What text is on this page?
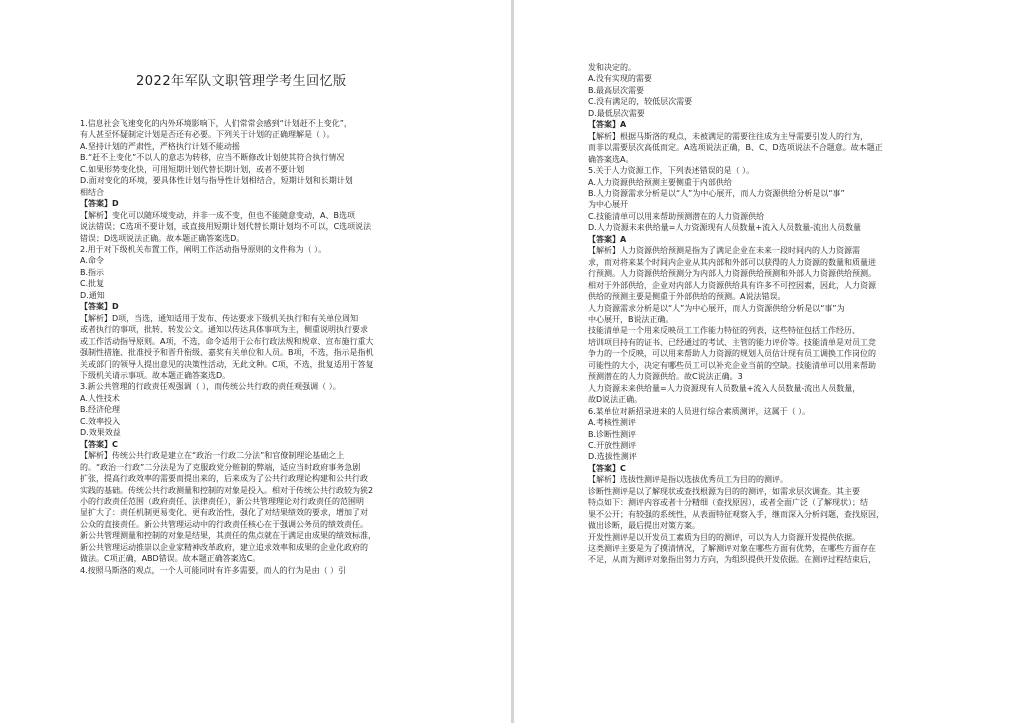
2022年军队文职管理学考生回忆版
1.信息社会飞速变化的内外环境影响下，人们常常会感到“计划赶不上变化”，
有人甚至怀疑制定计划是否还有必要。下列关于计划的正确理解是（ ）。
A.坚持计划的严肃性，严格执行计划不能动摇
B.“赶不上变化”不以人的意志为转移，应当不断修改计划使其符合执行情况
C.如果形势变化快，可用短期计划代替长期计划，或者不要计划
D.面对变化的环境，要具体性计划与指导性计划相结合，短期计划和长期计划
相结合
【答案】D
【解析】变化可以随环境变动，并非一成不变，但也不能随意变动，A、B选项
说法错误；C选项不要计划，或直接用短期计划代替长期计划均不可以，C选项说法
错误；D选项说法正确。故本题正确答案选D。
2.用于对下级机关布置工作，阐明工作活动指导原则的文件称为（ ）。
A.命令
B.指示
C.批复
D.通知
【答案】D
【解析】D项，当选，通知适用于发布、传达要求下级机关执行和有关单位周知
或者执行的事项，批转、转发公文。通知以传达具体事项为主，侧重说明执行要求
或工作活动指导原则。A项，不选，命令适用于公布行政法规和规章、宣布施行重大
强制性措施、批准授予和晋升衔级、嘉奖有关单位和人员。B项，不选，指示是指机
关或部门的领导人提出意见的决策性活动，无此文种。C项，不选，批复适用于答复
下级机关请示事项。故本题正确答案选D。
3.新公共管理的行政责任观强调（ ），而传统公共行政的责任观强调（ ）。
A.人性技术
B.经济伦理
C.效率投入
D.效果效益
【答案】C
【解析】传统公共行政是建立在“政治一行政二分法”和官僚制理论基础之上
的。“政治一行政”二分法是为了克服政党分赃制的弊端，适应当时政府事务急剧
扩张，提高行政效率的需要而提出来的，后来成为了公共行政理论构建和公共行政
实践的基础。传统公共行政测量和控制的对象是投入。相对于传统公共行政较为狭2
小的行政责任范围（政府责任、法律责任），新公共管理理论对行政责任的范围明
显扩大了：责任机制更易变化、更有政治性，强化了对结果绩效的要求，增加了对
公众的直接责任。新公共管理运动中的行政责任核心在于强调公务员的绩效责任。
新公共管理测量和控制的对象是结果，其责任的焦点就在于满足由成果的绩效标准，
新公共管理运动推崇以企业家精神改革政府，建立追求效率和成果的企业化政府的
做法。C项正确，ABD错误。故本题正确答案选C。
4.按照马斯洛的观点，一个人可能同时有许多需要，而人的行为是由（ ）引
发和决定的。
A.没有实现的需要
B.最高层次需要
C.没有满足的，较低层次需要
D.最低层次需要
【答案】A
【解析】根据马斯洛的观点，未被满足的需要往往成为主导需要引发人的行为，
而非以需要层次高低而定。A选项说法正确，B、C、D选项说法不合题意。故本题正
确答案选A。
5.关于人力资源工作，下列表述错误的是（ ）。
A.人力资源供给预测主要侧重于内部供给
B.人力资源需求分析是以“人”为中心展开，而人力资源供给分析是以“事”
为中心展开
C.技能清单可以用来帮助预测潜在的人力资源供给
D.人力资源未来供给量=人力资源现有人员数量+流入人员数量-流出人员数量
【答案】A
【解析】人力资源供给预测是指为了满足企业在未来一段时间内的人力资源需
求，而对将来某个时间内企业从其内部和外部可以获得的人力资源的数量和质量进
行预测。人力资源供给预测分为内部人力资源供给预测和外部人力资源供给预测。
相对于外部供给，企业对内部人力资源供给具有许多不可控因素，因此，人力资源
供给的预测主要是侧重于外部供给的预测。A说法错误。
人力资源需求分析是以“人”为中心展开，而人力资源供给分析是以“事”为
中心展开，B说法正确。
技能清单是一个用来反映员工工作能力特征的列表，这些特征包括工作经历、
培训项目持有的证书、已经通过的考试、主管的能力评价等。技能清单是对员工竞
争力的一个反映，可以用来帮助人力资源的规划人员估计现有员工调换工作岗位的
可能性的大小，决定有哪些员工可以补充企业当前的空缺。技能清单可以用来帮助
预测潜在的人力资源供给。故C说法正确。3
人力资源未来供给量=人力资源现有人员数量+流入人员数量-流出人员数量，
故D说法正确。
6.某单位对新招录进来的人员进行综合素质测评，这属于（ ）。
A.考核性测评
B.诊断性测评
C.开放性测评
D.选拔性测评
【答案】C
【解析】选拔性测评是指以选拔优秀员工为目的的测评。
诊断性测评是以了解现状或查找根源为目的的测评，如需求层次调查。其主要
特点如下：测评内容或者十分精细（查找原因），或者全面广泛（了解现状）；结
果不公开；有较强的系统性，从表面特征观察入手，继而深入分析问题，查找原因，
做出诊断，最后提出对策方案。
开发性测评是以开发员工素质为目的的测评，可以为人力资源开发提供依据。
这类测评主要是为了摸清情况，了解测评对象在哪些方面有优势，在哪些方面存在
不足，从而为测评对象指出努力方向，为组织提供开发依据。在测评过程结束后，
